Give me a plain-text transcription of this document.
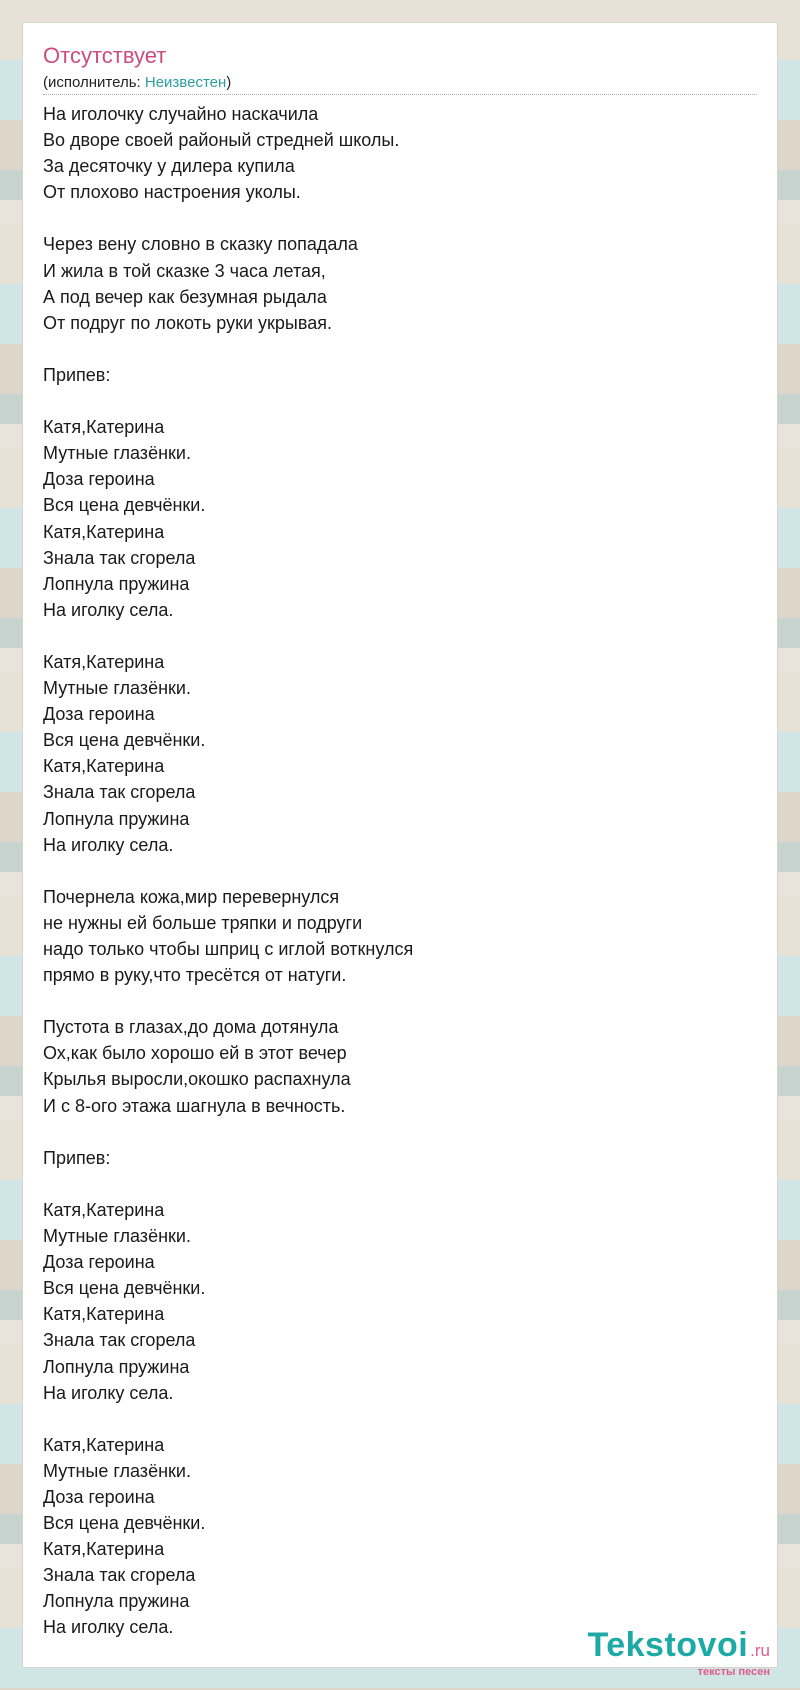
Отсутствует
(исполнитель: Неизвестен)
На иголочку случайно наскачила
Во дворе своей районый стредней школы.
За десяточку у дилера купила
От плохово настроения уколы.
Через вену словно в сказку попадала
И жила в той сказке 3 часа летая,
А под вечер как безумная рыдала
От подруг по локоть руки укрывая.
Припев:
Катя,Катерина
Мутные глазёнки.
Доза героина
Вся цена девчёнки.
Катя,Катерина
Знала так сгорела
Лопнула пружина
На иголку села.
Катя,Катерина
Мутные глазёнки.
Доза героина
Вся цена девчёнки.
Катя,Катерина
Знала так сгорела
Лопнула пружина
На иголку села.
Почернела кожа,мир перевернулся
не нужны ей больше тряпки и подруги
надо только чтобы шприц с иглой воткнулся
прямо в руку,что тресётся от натуги.
Пустота в глазах,до дома дотянула
Ох,как было хорошо ей в этот вечер
Крылья выросли,окошко распахнула
И с 8-ого этажа шагнула в вечность.
Припев:
Катя,Катерина
Мутные глазёнки.
Доза героина
Вся цена девчёнки.
Катя,Катерина
Знала так сгорела
Лопнула пружина
На иголку села.
Катя,Катерина
Мутные глазёнки.
Доза героина
Вся цена девчёнки.
Катя,Катерина
Знала так сгорела
Лопнула пружина
На иголку села.	Tekstovoi .ru
тексты песен
